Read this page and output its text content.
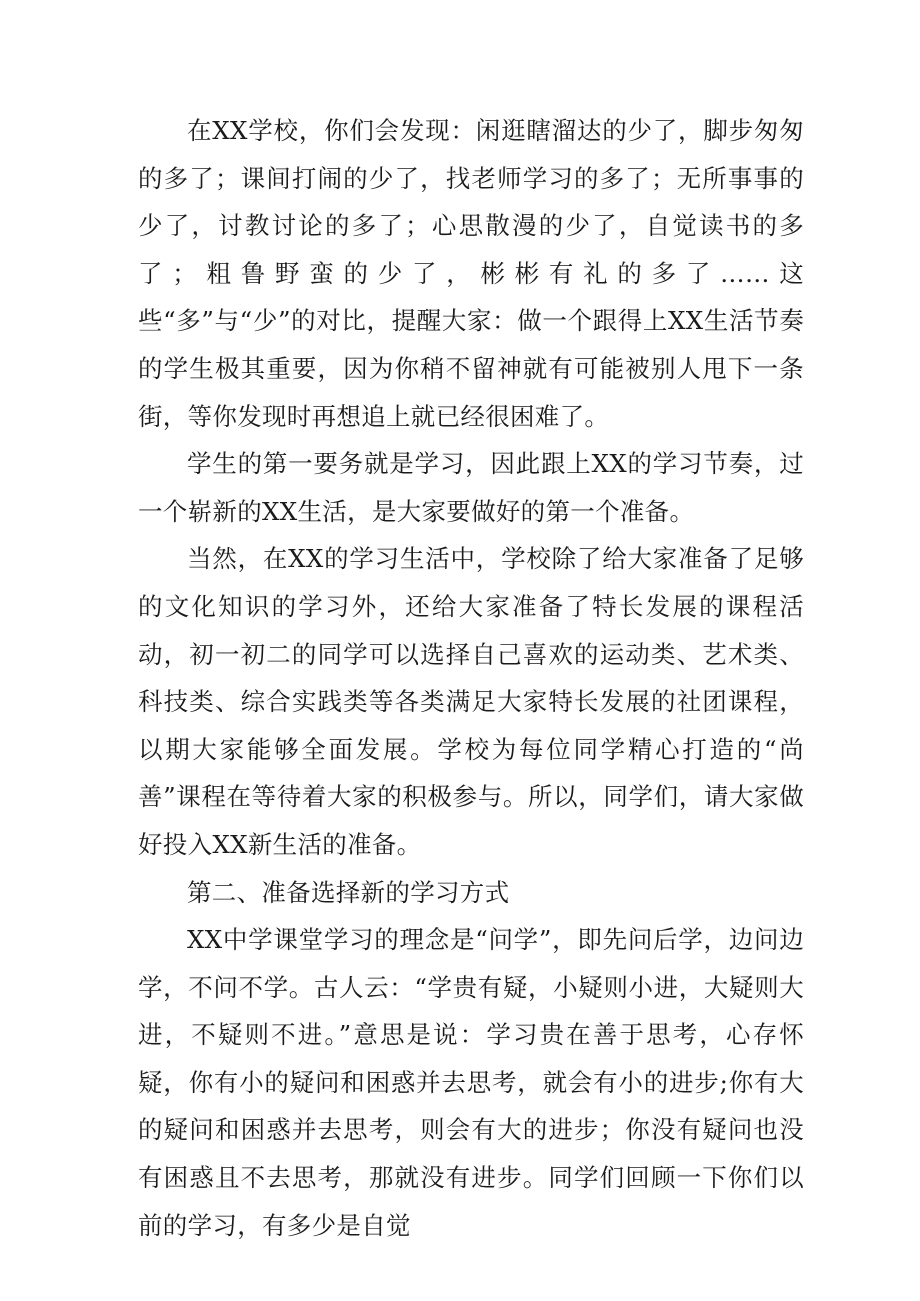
在XX学校，你们会发现：闲逛瞎溜达的少了，脚步匆匆的多了；课间打闹的少了，找老师学习的多了；无所事事的少了，讨教讨论的多了；心思散漫的少了，自觉读书的多了；粗鲁野蛮的少了，彬彬有礼的多了……这些“多”与“少”的对比，提醒大家：做一个跟得上XX生活节奏的学生极其重要，因为你稍不留神就有可能被别人甩下一条街，等你发现时再想追上就已经很困难了。

学生的第一要务就是学习，因此跟上XX的学习节奏，过一个崭新的XX生活，是大家要做好的第一个准备。

当然，在XX的学习生活中，学校除了给大家准备了足够的文化知识的学习外，还给大家准备了特长发展的课程活动，初一初二的同学可以选择自己喜欢的运动类、艺术类、科技类、综合实践类等各类满足大家特长发展的社团课程，以期大家能够全面发展。学校为每位同学精心打造的“尚善”课程在等待着大家的积极参与。所以，同学们，请大家做好投入XX新生活的准备。

第二、准备选择新的学习方式

XX中学课堂学习的理念是“问学”，即先问后学，边问边学，不问不学。古人云：“学贵有疑，小疑则小进，大疑则大进，不疑则不进。”意思是说：学习贵在善于思考，心存怀疑，你有小的疑问和困惑并去思考，就会有小的进步;你有大的疑问和困惑并去思考，则会有大的进步；你没有疑问也没有困惑且不去思考，那就没有进步。同学们回顾一下你们以前的学习，有多少是自觉
